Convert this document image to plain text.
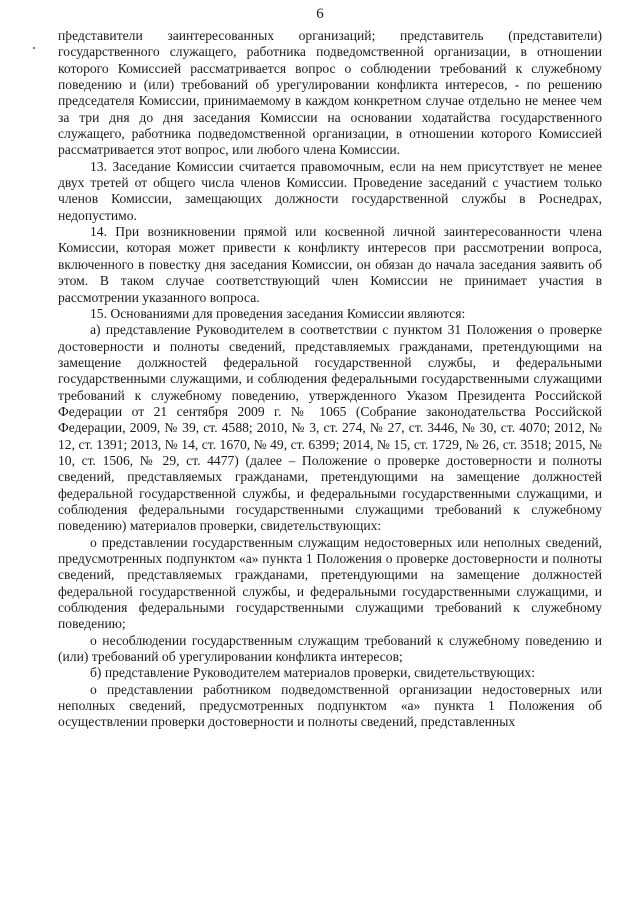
6

представители заинтересованных организаций; представитель (представители) государственного служащего, работника подведомственной организации, в отношении которого Комиссией рассматривается вопрос о соблюдении требований к служебному поведению и (или) требований об урегулировании конфликта интересов, - по решению председателя Комиссии, принимаемому в каждом конкретном случае отдельно не менее чем за три дня до дня заседания Комиссии на основании ходатайства государственного служащего, работника подведомственной организации, в отношении которого Комиссией рассматривается этот вопрос, или любого члена Комиссии.

13. Заседание Комиссии считается правомочным, если на нем присутствует не менее двух третей от общего числа членов Комиссии. Проведение заседаний с участием только членов Комиссии, замещающих должности государственной службы в Роснедрах, недопустимо.

14. При возникновении прямой или косвенной личной заинтересованности члена Комиссии, которая может привести к конфликту интересов при рассмотрении вопроса, включенного в повестку дня заседания Комиссии, он обязан до начала заседания заявить об этом. В таком случае соответствующий член Комиссии не принимает участия в рассмотрении указанного вопроса.

15. Основаниями для проведения заседания Комиссии являются:

а) представление Руководителем в соответствии с пунктом 31 Положения о проверке достоверности и полноты сведений, представляемых гражданами, претендующими на замещение должностей федеральной государственной службы, и федеральными государственными служащими, и соблюдения федеральными государственными служащими требований к служебному поведению, утвержденного Указом Президента Российской Федерации от 21 сентября 2009 г. № 1065 (Собрание законодательства Российской Федерации, 2009, № 39, ст. 4588; 2010, № 3, ст. 274, № 27, ст. 3446, № 30, ст. 4070; 2012, № 12, ст. 1391; 2013, № 14, ст. 1670, № 49, ст. 6399; 2014, № 15, ст. 1729, № 26, ст. 3518; 2015, № 10, ст. 1506, № 29, ст. 4477) (далее – Положение о проверке достоверности и полноты сведений, представляемых гражданами, претендующими на замещение должностей федеральной государственной службы, и федеральными государственными служащими, и соблюдения федеральными государственными служащими требований к служебному поведению) материалов проверки, свидетельствующих:

о представлении государственным служащим недостоверных или неполных сведений, предусмотренных подпунктом «а» пункта 1 Положения о проверке достоверности и полноты сведений, представляемых гражданами, претендующими на замещение должностей федеральной государственной службы, и федеральными государственными служащими, и соблюдения федеральными государственными служащими требований к служебному поведению;

о несоблюдении государственным служащим требований к служебному поведению и (или) требований об урегулировании конфликта интересов;

б) представление Руководителем материалов проверки, свидетельствующих:

о представлении работником подведомственной организации недостоверных или неполных сведений, предусмотренных подпунктом «а» пункта 1 Положения об осуществлении проверки достоверности и полноты сведений, представленных
